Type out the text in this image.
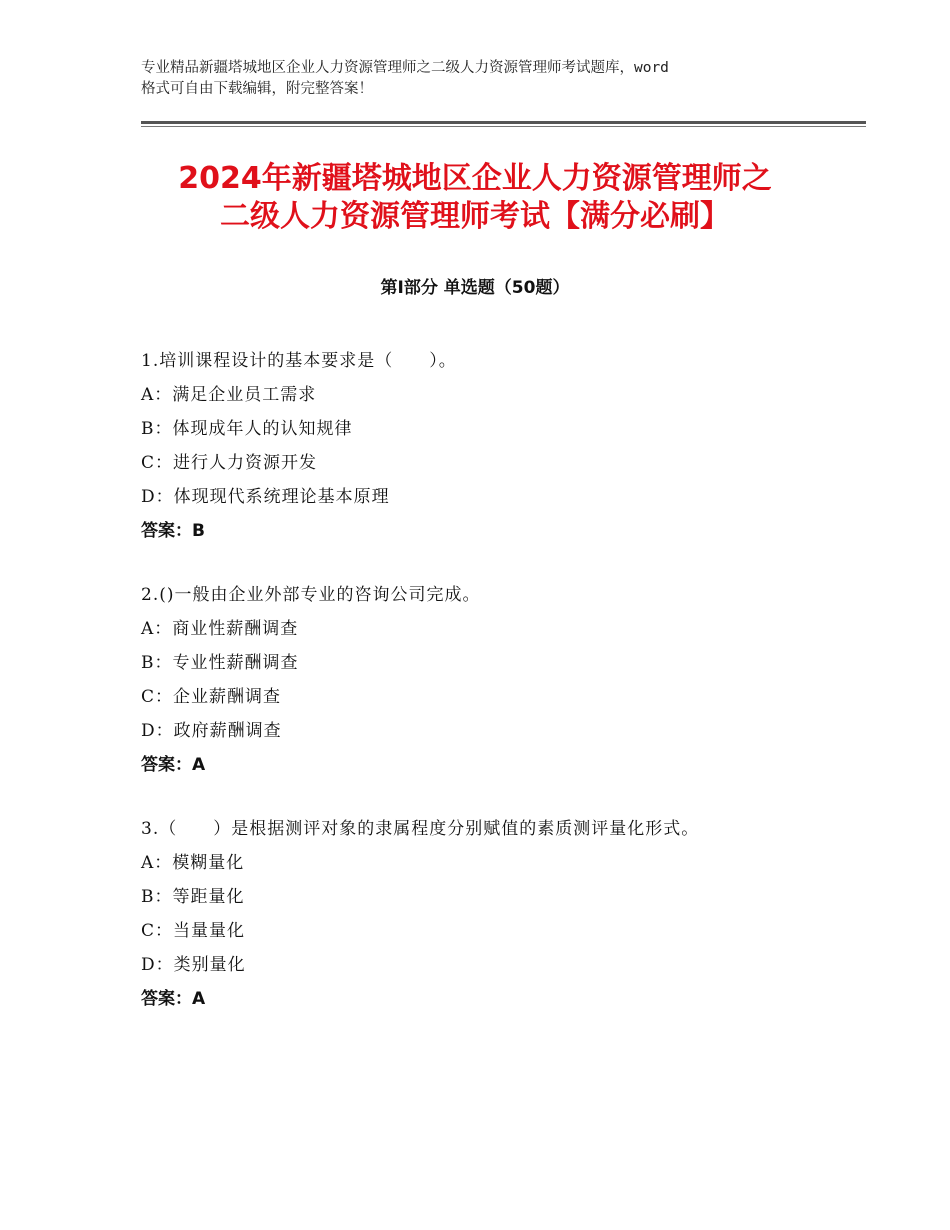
专业精品新疆塔城地区企业人力资源管理师之二级人力资源管理师考试题库，word
格式可自由下载编辑，附完整答案！
2024年新疆塔城地区企业人力资源管理师之
二级人力资源管理师考试【满分必刷】
第Ⅰ部分 单选题（50题）
1.培训课程设计的基本要求是（　　）。
A：满足企业员工需求
B：体现成年人的认知规律
C：进行人力资源开发
D：体现现代系统理论基本原理
答案：B
2.()一般由企业外部专业的咨询公司完成。
A：商业性薪酬调查
B：专业性薪酬调查
C：企业薪酬调查
D：政府薪酬调查
答案：A
3.（　　）是根据测评对象的隶属程度分别赋值的素质测评量化形式。
A：模糊量化
B：等距量化
C：当量量化
D：类别量化
答案：A
